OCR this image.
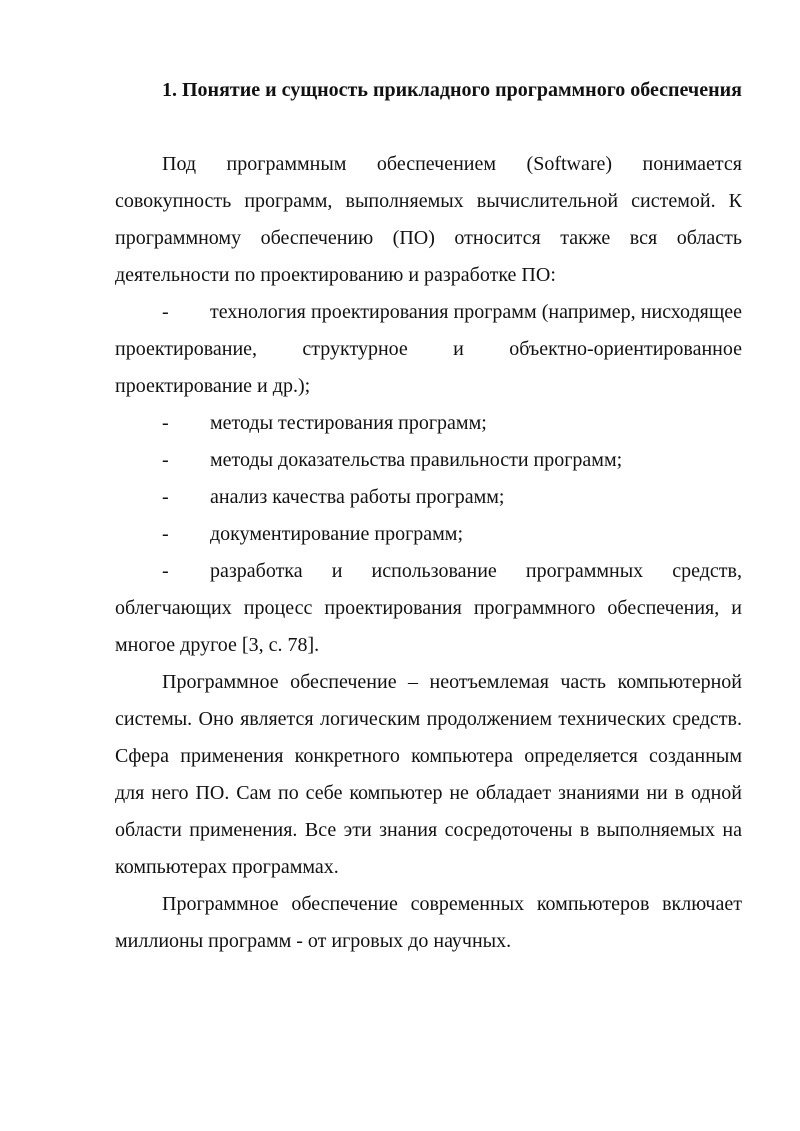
1. Понятие и сущность прикладного программного обеспечения

Под программным обеспечением (Software) понимается совокупность программ, выполняемых вычислительной системой. К программному обеспечению (ПО) относится также вся область деятельности по проектированию и разработке ПО:

- технология проектирования программ (например, нисходящее проектирование, структурное и объектно-ориентированное проектирование и др.);

- методы тестирования программ;

- методы доказательства правильности программ;

- анализ качества работы программ;

- документирование программ;

- разработка и использование программных средств, облегчающих процесс проектирования программного обеспечения, и многое другое [3, с. 78].

Программное обеспечение – неотъемлемая часть компьютерной системы. Оно является логическим продолжением технических средств. Сфера применения конкретного компьютера определяется созданным для него ПО. Сам по себе компьютер не обладает знаниями ни в одной области применения. Все эти знания сосредоточены в выполняемых на компьютерах программах.

Программное обеспечение современных компьютеров включает миллионы программ - от игровых до научных.
